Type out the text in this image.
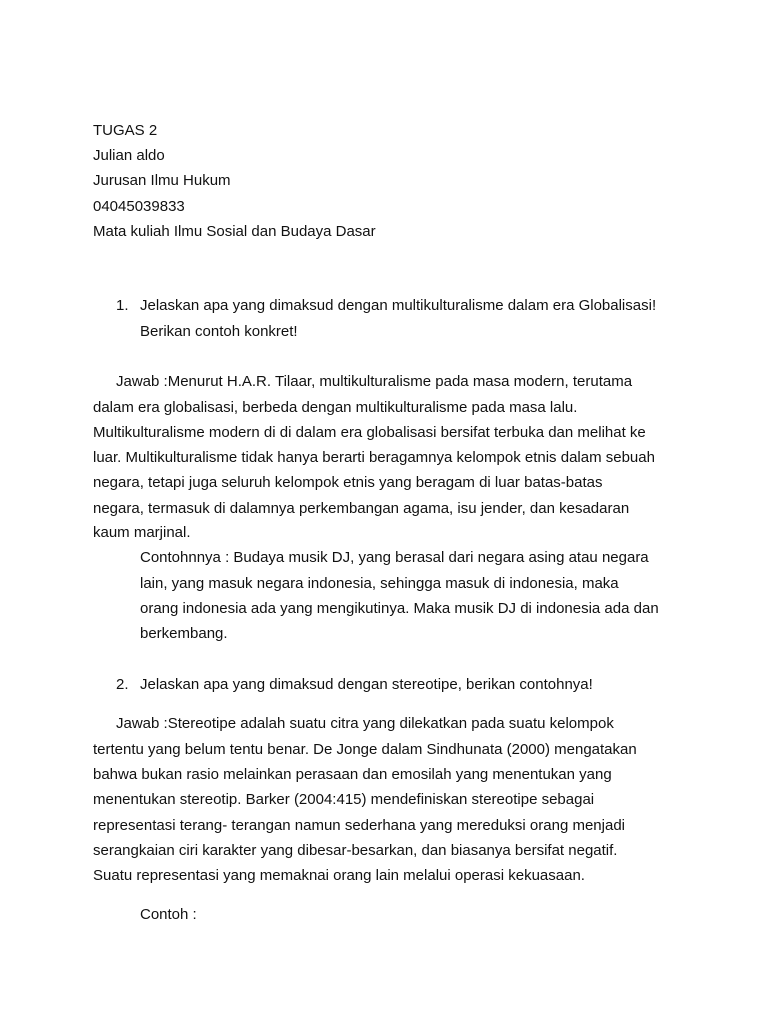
TUGAS 2
Julian aldo
Jurusan Ilmu Hukum
04045039833
Mata kuliah Ilmu Sosial dan Budaya Dasar
1. Jelaskan apa yang dimaksud dengan multikulturalisme dalam era Globalisasi!
Berikan contoh konkret!
Jawab :Menurut H.A.R. Tilaar, multikulturalisme pada masa modern, terutama
dalam era globalisasi, berbeda dengan multikulturalisme pada masa lalu.
Multikulturalisme modern di di dalam era globalisasi bersifat terbuka dan melihat ke
luar. Multikulturalisme tidak hanya berarti beragamnya kelompok etnis dalam sebuah
negara, tetapi juga seluruh kelompok etnis yang beragam di luar batas-batas
negara, termasuk di dalamnya perkembangan agama, isu jender, dan kesadaran
kaum marjinal.
Contohnnya : Budaya musik DJ, yang berasal dari negara asing atau negara
lain, yang masuk negara indonesia, sehingga masuk di indonesia, maka
orang indonesia ada yang mengikutinya. Maka musik DJ di indonesia ada dan
berkembang.
2. Jelaskan apa yang dimaksud dengan stereotipe, berikan contohnya!
Jawab :Stereotipe adalah suatu citra yang dilekatkan pada suatu kelompok
tertentu yang belum tentu benar. De Jonge dalam Sindhunata (2000) mengatakan
bahwa bukan rasio melainkan perasaan dan emosilah yang menentukan yang
menentukan stereotip. Barker (2004:415) mendefiniskan stereotipe sebagai
representasi terang- terangan namun sederhana yang mereduksi orang menjadi
serangkaian ciri karakter yang dibesar-besarkan, dan biasanya bersifat negatif.
Suatu representasi yang memaknai orang lain melalui operasi kekuasaan.
Contoh :
